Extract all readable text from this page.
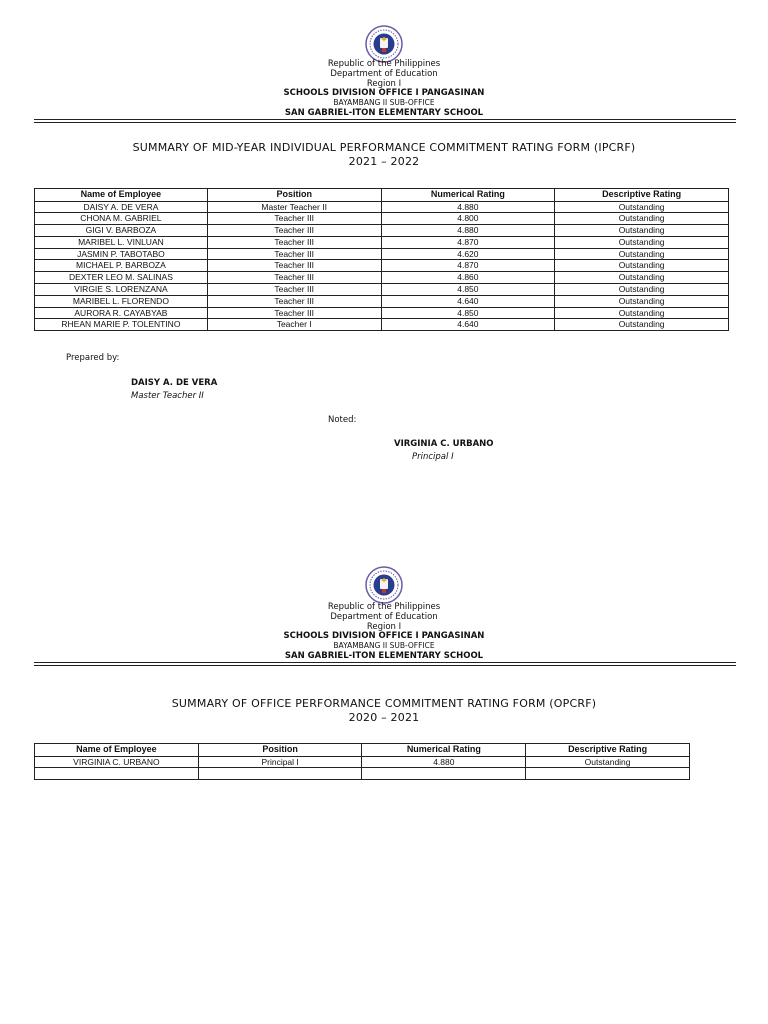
Republic of the Philippines
Department of Education
Region I
SCHOOLS DIVISION OFFICE I PANGASINAN
BAYAMBANG II SUB-OFFICE
SAN GABRIEL-ITON ELEMENTARY SCHOOL
SUMMARY OF MID-YEAR INDIVIDUAL PERFORMANCE COMMITMENT RATING FORM (IPCRF)
2021 – 2022
Name of Employee	Position	Numerical Rating	Descriptive Rating
DAISY A. DE VERA	Master Teacher II	4.880	Outstanding
CHONA M. GABRIEL	Teacher III	4.800	Outstanding
GIGI V. BARBOZA	Teacher III	4.880	Outstanding
MARIBEL L. VINLUAN	Teacher III	4.870	Outstanding
JASMIN P. TABOTABO	Teacher III	4.620	Outstanding
MICHAEL P. BARBOZA	Teacher III	4.870	Outstanding
DEXTER LEO M. SALINAS	Teacher III	4.860	Outstanding
VIRGIE S. LORENZANA	Teacher III	4.850	Outstanding
MARIBEL L. FLORENDO	Teacher III	4.640	Outstanding
AURORA R. CAYABYAB	Teacher III	4.850	Outstanding
RHEAN MARIE P. TOLENTINO	Teacher I	4.640	Outstanding
Prepared by:
DAISY A. DE VERA
Master Teacher II
Noted:
VIRGINIA C. URBANO
Principal I
Republic of the Philippines
Department of Education
Region I
SCHOOLS DIVISION OFFICE I PANGASINAN
BAYAMBANG II SUB-OFFICE
SAN GABRIEL-ITON ELEMENTARY SCHOOL
SUMMARY OF OFFICE PERFORMANCE COMMITMENT RATING FORM (OPCRF)
2020 – 2021
Name of Employee	Position	Numerical Rating	Descriptive Rating
VIRGINIA C. URBANO	Principal I	4.880	Outstanding
